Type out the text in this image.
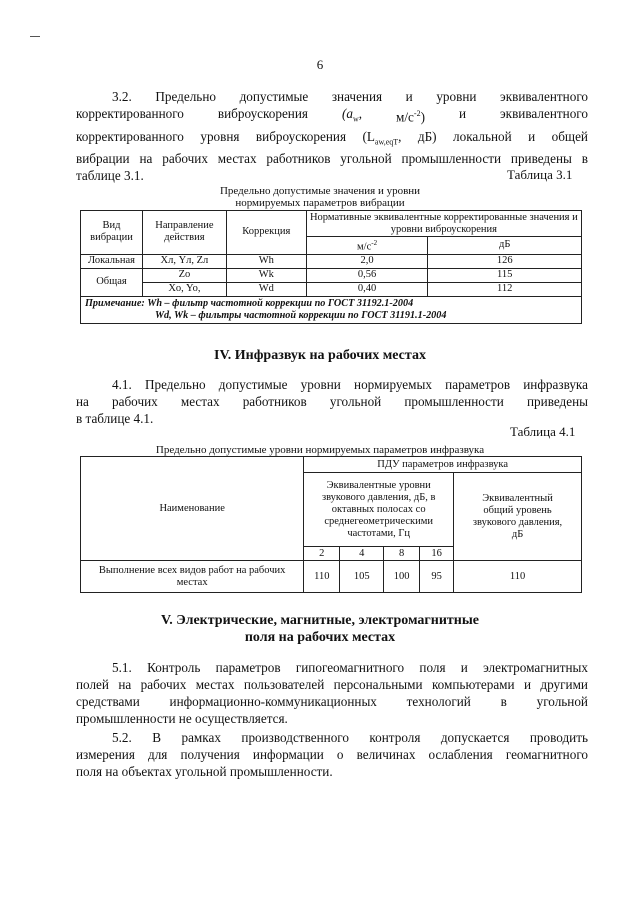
6
3.2. Предельно допустимые значения и уровни эквивалентного
корректированного	виброускорения	($a_w$,	$м/с^{-2}$)	и	эквивалентного
корректированного уровня виброускорения ($L_{aw,eqT}$, дБ) локальной и общей
вибрации на рабочих местах работников угольной промышленности приведены в
таблице 3.1.	Таблица 3.1
Предельно допустимые значения и уровни
нормируемых параметров вибрации
Вид вибрации	Направление действия	Коррекция	Нормативные эквивалентные корректированные значения и уровни виброускорения	
			$м/с^{-2}$	дБ
Локальная	Хл, Yл, Zл	Wh	2,0	126
Общая	Zo	Wk	0,56	115
	Xo, Yo,	Wd	0,40	112

Примечание: Wh – фильтр частотной коррекции по ГОСТ 31192.1-2004
Wd, Wk – фильтры частотной коррекции по ГОСТ 31191.1-2004				
IV. Инфразвук на рабочих местах
4.1. Предельно допустимые уровни нормируемых параметров инфразвука
на рабочих местах работников угольной промышленности приведены
в таблице 4.1.
Таблица 4.1
Предельно допустимые уровни нормируемых параметров инфразвука
Наименование	ПДУ параметров инфразвука				
	Эквивалентные уровни звукового давления, дБ, в октавных полосах со среднегеометрическими частотами, Гц				Эквивалентный общий уровень звукового давления, дБ
	2	4	8	16	
Выполнение всех видов работ на рабочих местах	110	105	100	95	110
V. Электрические, магнитные, электромагнитные
поля на рабочих местах
5.1. Контроль параметров гипогеомагнитного поля и электромагнитных
полей на рабочих местах пользователей персональными компьютерами и другими
средствами информационно-коммуникационных технологий в угольной
промышленности не осуществляется.
5.2. В рамках производственного контроля допускается проводить
измерения для получения информации о величинах ослабления геомагнитного
поля на объектах угольной промышленности.
